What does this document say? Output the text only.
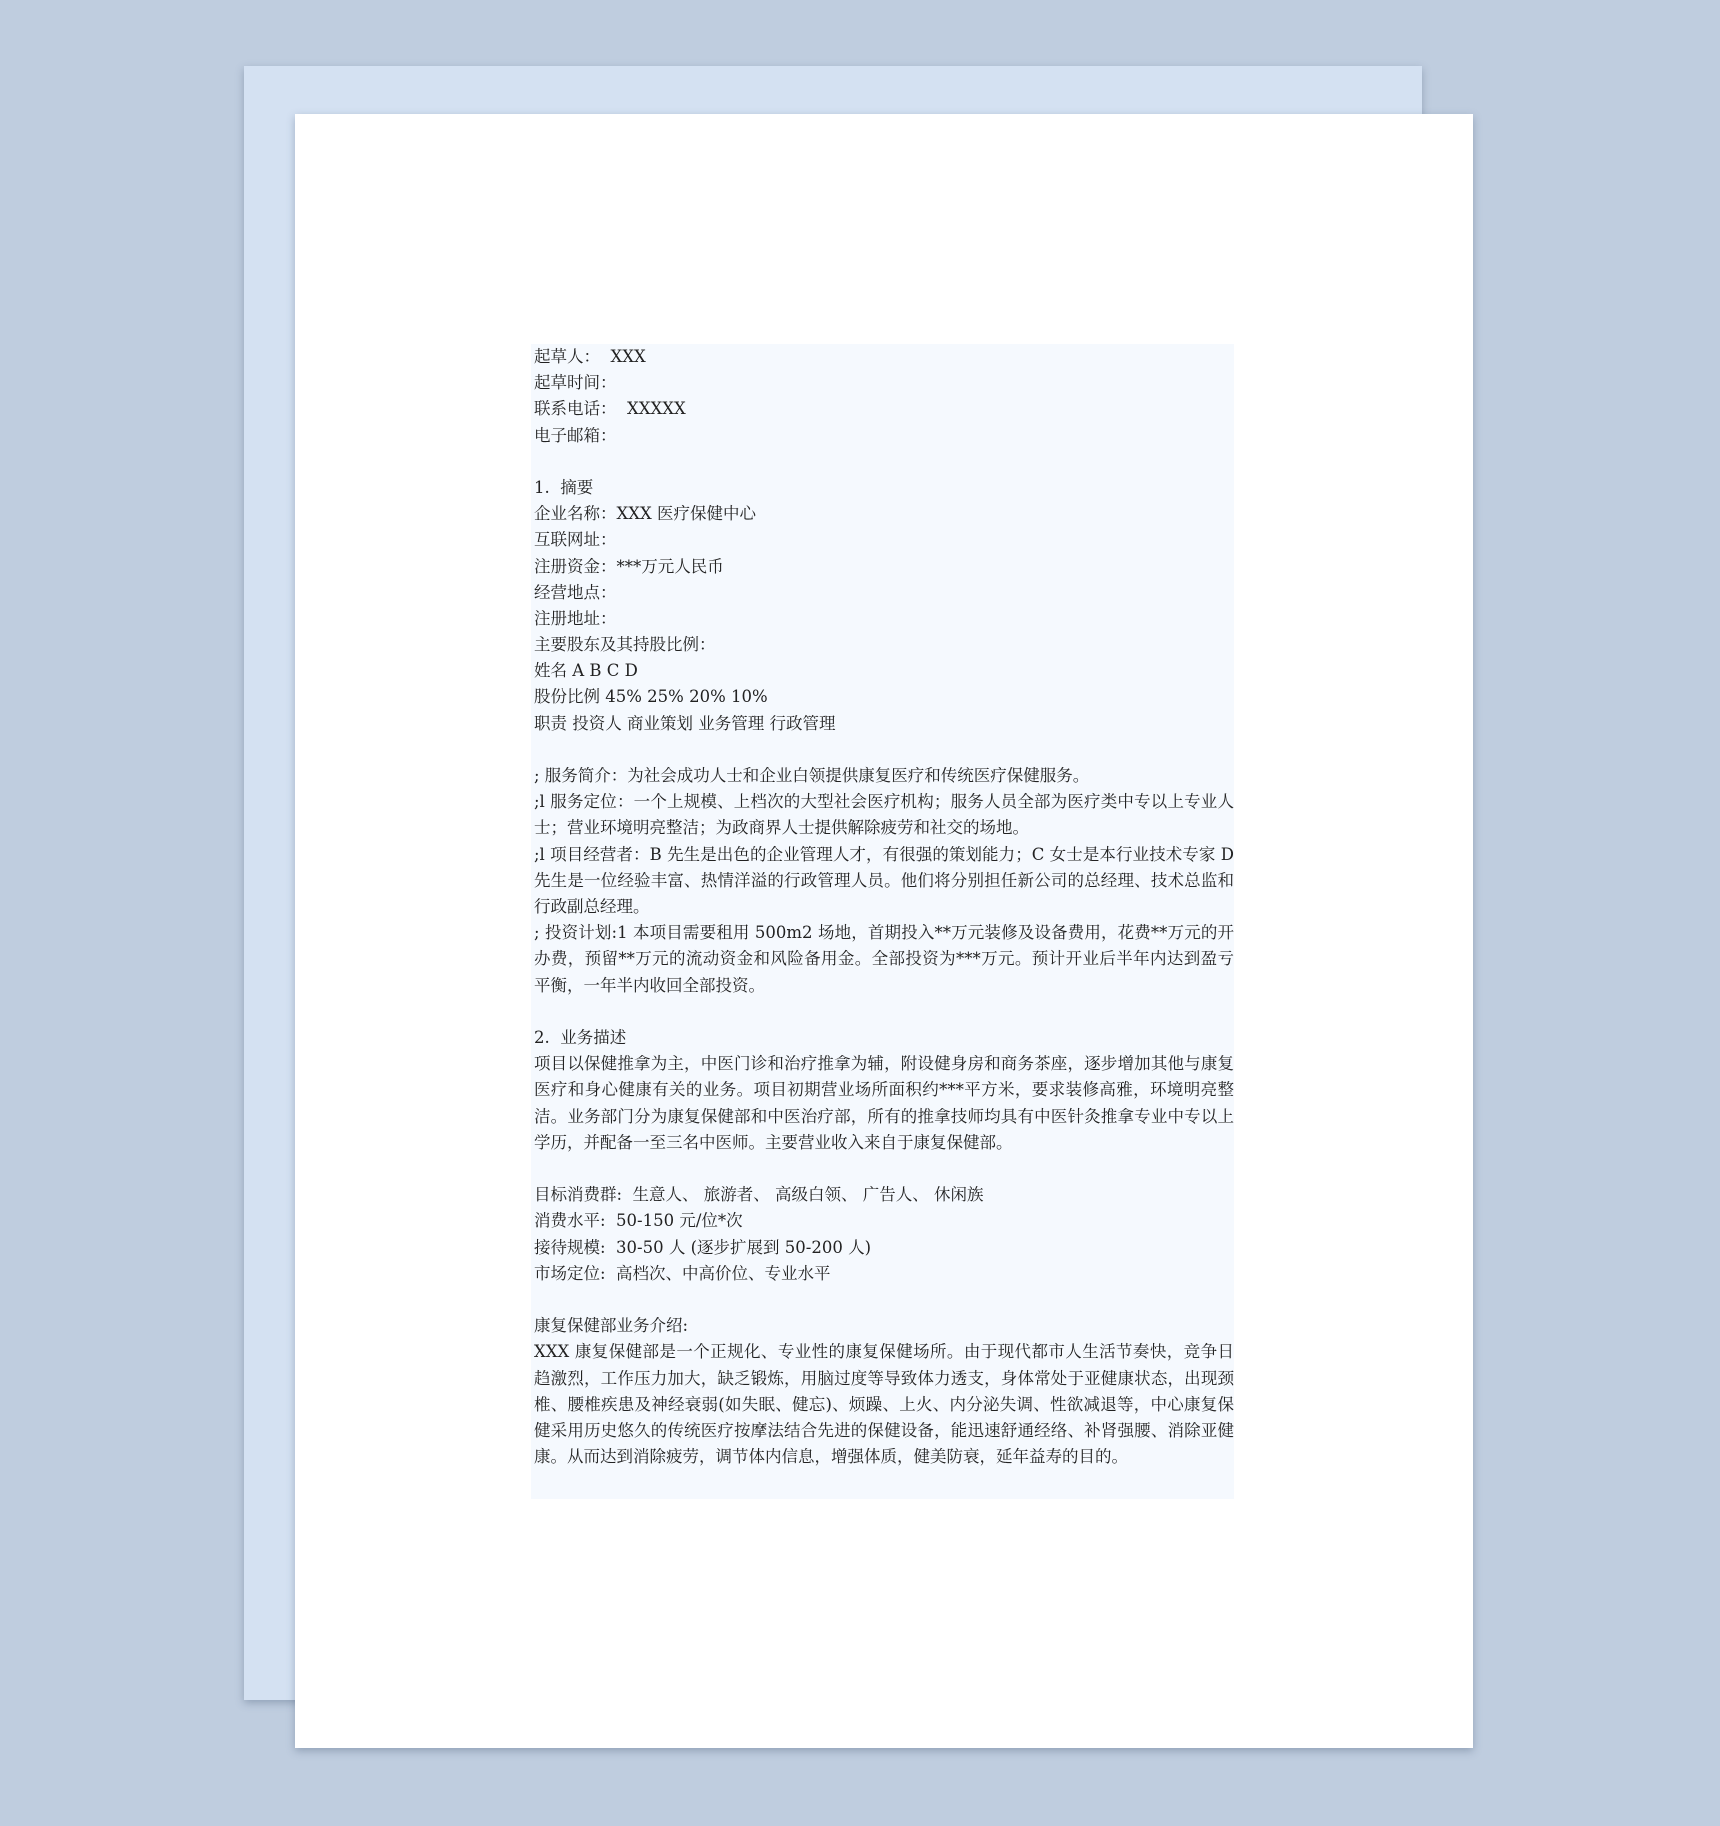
起草人：  XXX
起草时间：
联系电话：  XXXXX
电子邮箱：
1.  摘要
企业名称：XXX 医疗保健中心
互联网址：
注册资金：***万元人民币
经营地点：
注册地址：
主要股东及其持股比例：
姓名 A B C D
股份比例 45% 25% 20% 10%
职责 投资人 商业策划 业务管理 行政管理
; 服务简介：为社会成功人士和企业白领提供康复医疗和传统医疗保健服务。
;l 服务定位：一个上规模、上档次的大型社会医疗机构；服务人员全部为医疗类中专以上专业人士；营业环境明亮整洁；为政商界人士提供解除疲劳和社交的场地。
;l 项目经营者：B 先生是出色的企业管理人才，有很强的策划能力；C 女士是本行业技术专家 D 先生是一位经验丰富、热情洋溢的行政管理人员。他们将分别担任新公司的总经理、技术总监和行政副总经理。
; 投资计划:1 本项目需要租用 500m2 场地，首期投入**万元装修及设备费用，花费**万元的开办费，预留**万元的流动资金和风险备用金。全部投资为***万元。预计开业后半年内达到盈亏平衡，一年半内收回全部投资。
2.  业务描述
项目以保健推拿为主，中医门诊和治疗推拿为辅，附设健身房和商务茶座，逐步增加其他与康复医疗和身心健康有关的业务。项目初期营业场所面积约***平方米，要求装修高雅，环境明亮整洁。业务部门分为康复保健部和中医治疗部，所有的推拿技师均具有中医针灸推拿专业中专以上学历，并配备一至三名中医师。主要营业收入来自于康复保健部。
目标消费群:  生意人、 旅游者、 高级白领、 广告人、 休闲族
消费水平:  50-150 元/位*次
接待规模:  30-50 人 (逐步扩展到 50-200 人)
市场定位:  高档次、中高价位、专业水平
康复保健部业务介绍:
XXX 康复保健部是一个正规化、专业性的康复保健场所。由于现代都市人生活节奏快，竞争日趋激烈，工作压力加大，缺乏锻炼，用脑过度等导致体力透支，身体常处于亚健康状态，出现颈椎、腰椎疾患及神经衰弱(如失眠、健忘)、烦躁、上火、内分泌失调、性欲减退等，中心康复保健采用历史悠久的传统医疗按摩法结合先进的保健设备，能迅速舒通经络、补肾强腰、消除亚健康。从而达到消除疲劳，调节体内信息，增强体质，健美防衰，延年益寿的目的。
